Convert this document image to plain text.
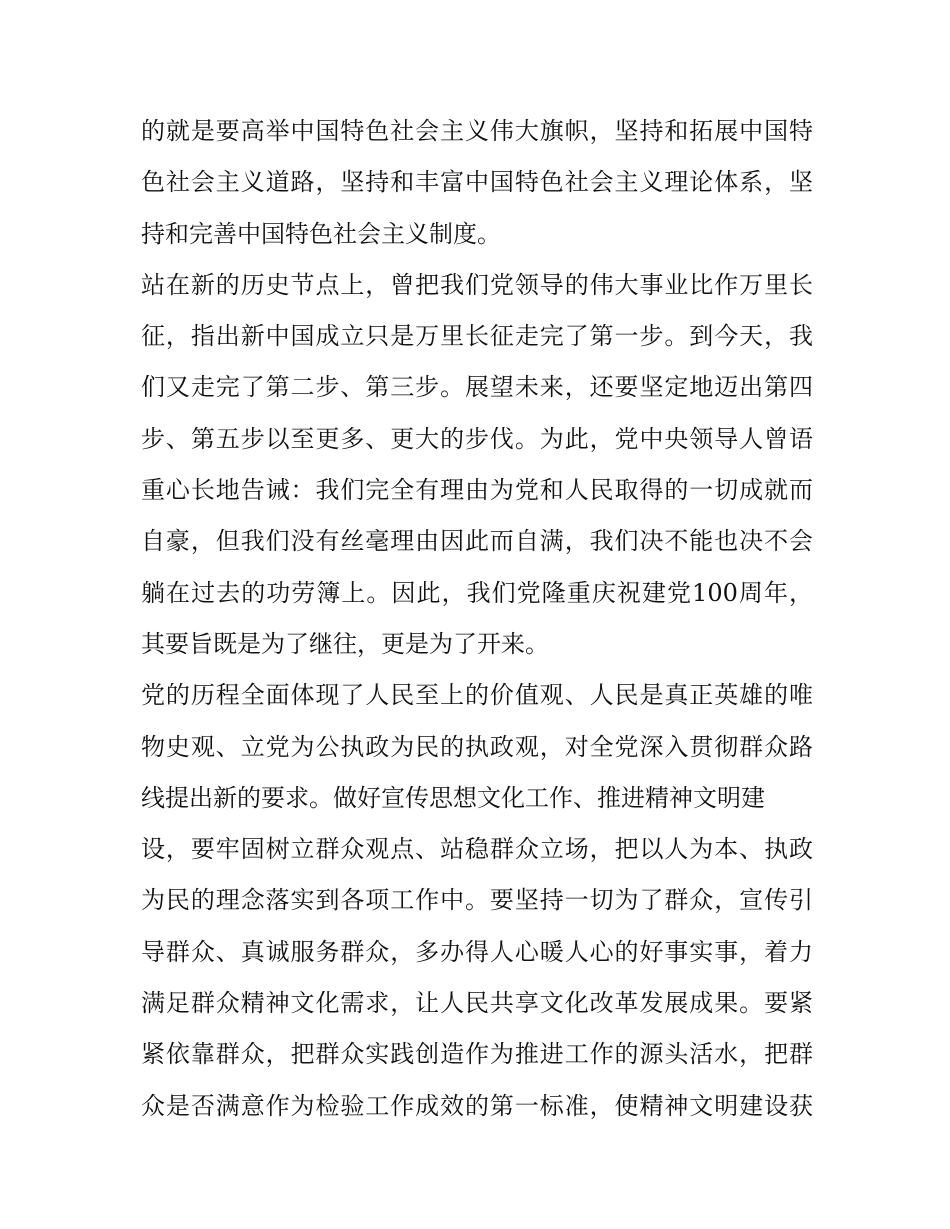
的就是要高举中国特色社会主义伟大旗帜，坚持和拓展中国特
色社会主义道路，坚持和丰富中国特色社会主义理论体系，坚
持和完善中国特色社会主义制度。
站在新的历史节点上，曾把我们党领导的伟大事业比作万里长
征，指出新中国成立只是万里长征走完了第一步。到今天，我
们又走完了第二步、第三步。展望未来，还要坚定地迈出第四
步、第五步以至更多、更大的步伐。为此，党中央领导人曾语
重心长地告诫：我们完全有理由为党和人民取得的一切成就而
自豪，但我们没有丝毫理由因此而自满，我们决不能也决不会
躺在过去的功劳簿上。因此，我们党隆重庆祝建党100周年，
其要旨既是为了继往，更是为了开来。
党的历程全面体现了人民至上的价值观、人民是真正英雄的唯
物史观、立党为公执政为民的执政观，对全党深入贯彻群众路
线提出新的要求。做好宣传思想文化工作、推进精神文明建
设，要牢固树立群众观点、站稳群众立场，把以人为本、执政
为民的理念落实到各项工作中。要坚持一切为了群众，宣传引
导群众、真诚服务群众，多办得人心暖人心的好事实事，着力
满足群众精神文化需求，让人民共享文化改革发展成果。要紧
紧依靠群众，把群众实践创造作为推进工作的源头活水，把群
众是否满意作为检验工作成效的第一标准，使精神文明建设获
